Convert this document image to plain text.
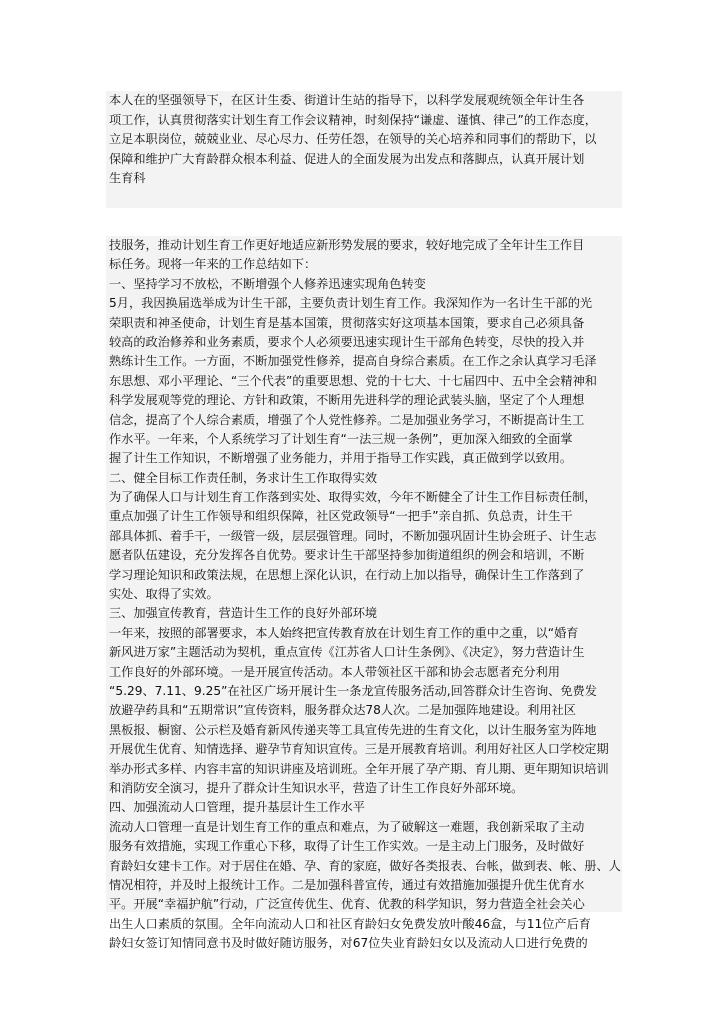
本人在的坚强领导下，在区计生委、街道计生站的指导下，以科学发展观统领全年计生各
项工作，认真贯彻落实计划生育工作会议精神，时刻保持“谦虚、谨慎、律己”的工作态度，
立足本职岗位，兢兢业业、尽心尽力、任劳任怨，在领导的关心培养和同事们的帮助下，以
保障和维护广大育龄群众根本利益、促进人的全面发展为出发点和落脚点，认真开展计划
生育科
技服务，推动计划生育工作更好地适应新形势发展的要求，较好地完成了全年计生工作目
标任务。现将一年来的工作总结如下：
一、坚持学习不放松，不断增强个人修养迅速实现角色转变
5月，我因换届选举成为计生干部，主要负责计划生育工作。我深知作为一名计生干部的光
荣职责和神圣使命，计划生育是基本国策，贯彻落实好这项基本国策，要求自己必须具备
较高的政治修养和业务素质，要求个人必须要迅速实现计生干部角色转变，尽快的投入并
熟练计生工作。一方面，不断加强党性修养，提高自身综合素质。在工作之余认真学习毛泽
东思想、邓小平理论、“三个代表”的重要思想、党的十七大、十七届四中、五中全会精神和
科学发展观等党的理论、方针和政策，不断用先进科学的理论武装头脑，坚定了个人理想
信念，提高了个人综合素质，增强了个人党性修养。二是加强业务学习，不断提高计生工
作水平。一年来，个人系统学习了计划生育“一法三规一条例”，更加深入细致的全面掌
握了计生工作知识，不断增强了业务能力，并用于指导工作实践，真正做到学以致用。
二、健全目标工作责任制，务求计生工作取得实效
为了确保人口与计划生育工作落到实处、取得实效，今年不断健全了计生工作目标责任制，
重点加强了计生工作领导和组织保障，社区党政领导“一把手”亲自抓、负总责，计生干
部具体抓、着手干，一级管一级，层层强管理。同时，不断加强巩固计生协会班子、计生志
愿者队伍建设，充分发挥各自优势。要求计生干部坚持参加街道组织的例会和培训，不断
学习理论知识和政策法规，在思想上深化认识，在行动上加以指导，确保计生工作落到了
实处、取得了实效。
三、加强宣传教育，营造计生工作的良好外部环境
一年来，按照的部署要求，本人始终把宣传教育放在计划生育工作的重中之重，以“婚育
新风进万家”主题活动为契机，重点宣传《江苏省人口计生条例》、《决定》，努力营造计生
工作良好的外部环境。一是开展宣传活动。本人带领社区干部和协会志愿者充分利用
“5.29、7.11、9.25”在社区广场开展计生一条龙宣传服务活动,回答群众计生咨询、免费发
放避孕药具和“五期常识”宣传资料，服务群众达78人次。二是加强阵地建设。利用社区
黑板报、橱窗、公示栏及婚育新风传递夹等工具宣传先进的生育文化，以计生服务室为阵地
开展优生优育、知情选择、避孕节育知识宣传。三是开展教育培训。利用好社区人口学校定期
举办形式多样、内容丰富的知识讲座及培训班。全年开展了孕产期、育儿期、更年期知识培训
和消防安全演习，提升了群众计生知识水平，营造了计生工作良好外部环境。
四、加强流动人口管理，提升基层计生工作水平
流动人口管理一直是计划生育工作的重点和难点，为了破解这一难题，我创新采取了主动
服务有效措施，实现工作重心下移，取得了计生工作实效。一是主动上门服务，及时做好
育龄妇女建卡工作。对于居住在婚、孕、育的家庭，做好各类报表、台帐，做到表、帐、册、人
情况相符，并及时上报统计工作。二是加强科普宣传，通过有效措施加强提升优生优育水
平。开展“幸福护航”行动，广泛宣传优生、优育、优教的科学知识，努力营造全社会关心
出生人口素质的氛围。全年向流动人口和社区育龄妇女免费发放叶酸46盒，与11位产后育
龄妇女签订知情同意书及时做好随访服务，对67位失业育龄妇女以及流动人口进行免费的
